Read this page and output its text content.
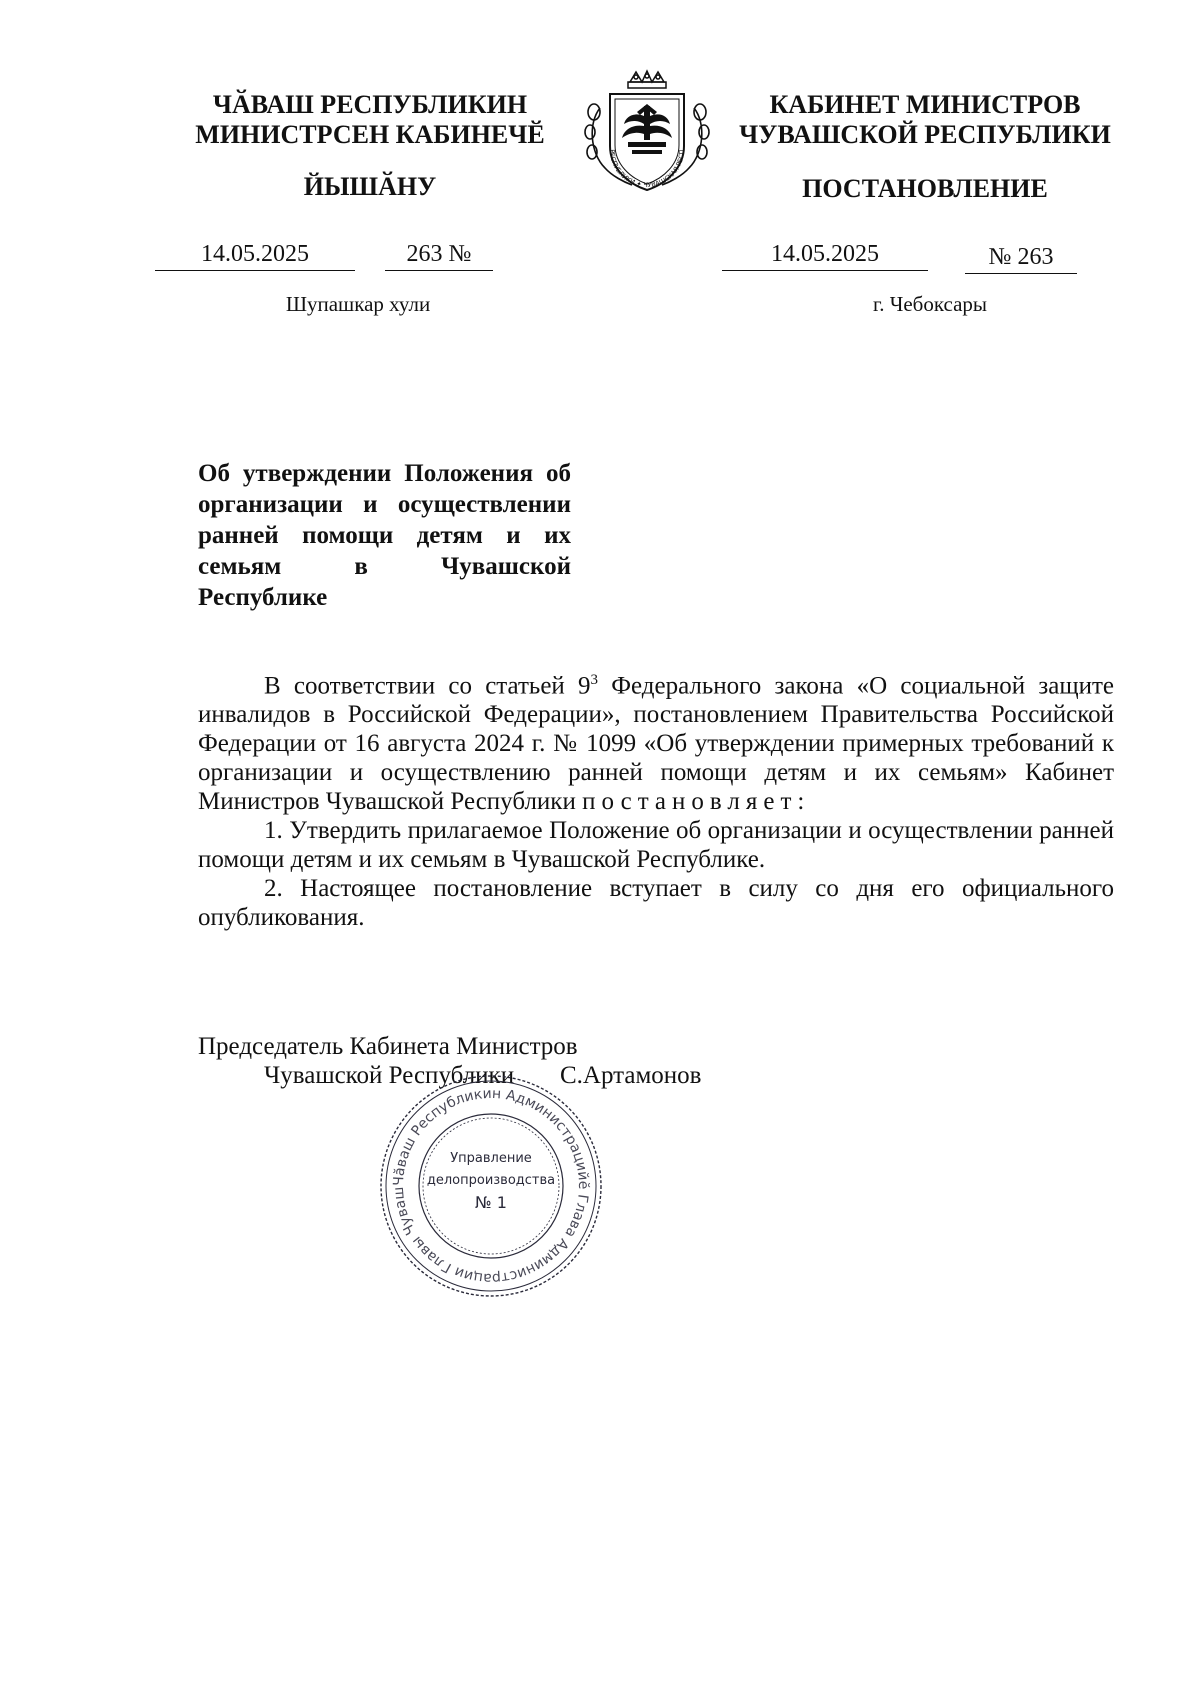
ЧӐВАШ РЕСПУБЛИКИН
МИНИСТРСЕН КАБИНЕЧӖ
ЙЫШӐНУ
РЕСПУБЛИКИ ✦ ЧУВАШСКАЯ РЕСП
КАБИНЕТ МИНИСТРОВ
ЧУВАШСКОЙ РЕСПУБЛИКИ
ПОСТАНОВЛЕНИЕ
14.05.2025	263 №	14.05.2025	№ 263
Шупашкар хули	г. Чебоксары
Об утверждении Положения об организации и осуществлении ранней помощи детям и их семьям в Чувашской Республике

В соответствии со статьей $9^3$ Федерального закона «О социальной защите инвалидов в Российской Федерации», постановлением Правительства Российской Федерации от 16 августа 2024 г. № 1099 «Об утверждении примерных требований к организации и осуществлению ранней помощи детям и их семьям» Кабинет Министров Чувашской Республики постановляет:

1. Утвердить прилагаемое Положение об организации и осуществлении ранней помощи детям и их семьям в Чувашской Республике.

2. Настоящее постановление вступает в силу со дня его официального опубликования.

Председатель Кабинета Министров
Чувашской Республики С.Артамонов
Чăваш Республикин Администрацийĕ Глава Администрации Главы Чуваш
Управление
делопроизводства
№ 1
